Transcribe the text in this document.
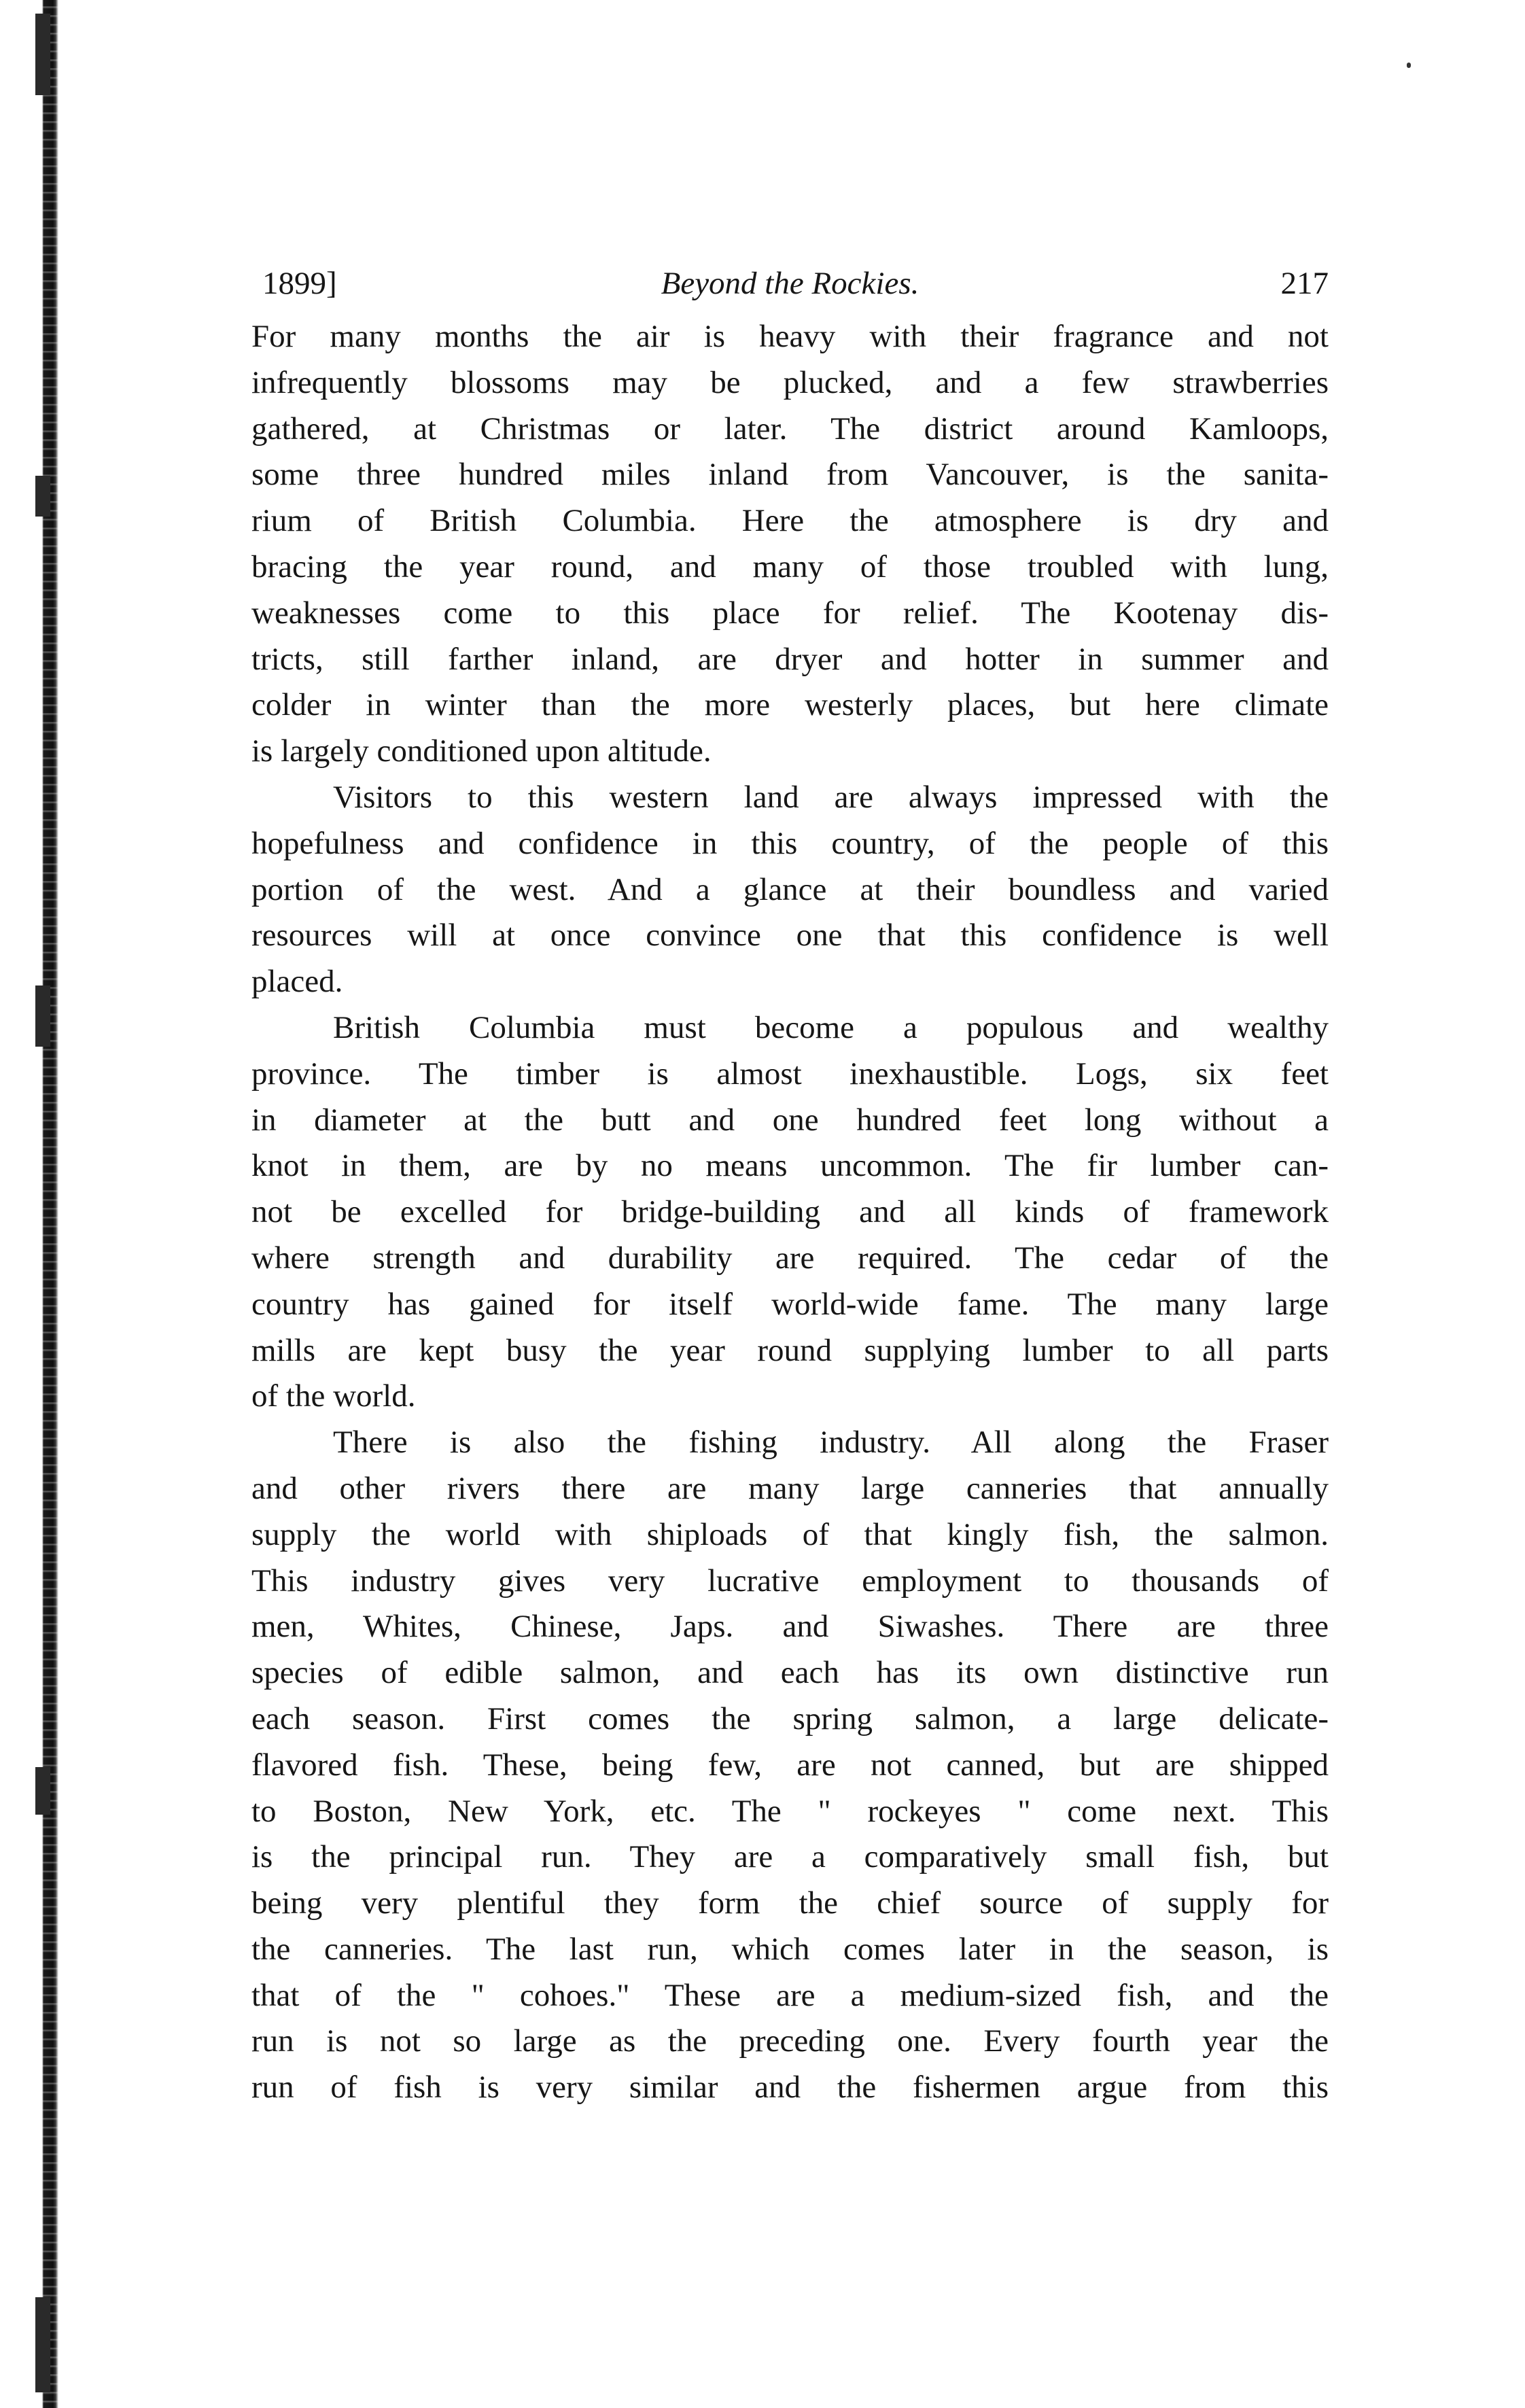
1899]	Beyond the Rockies.	217
For many months the air is heavy with their fragrance and not
infrequently blossoms may be plucked, and a few strawberries
gathered, at Christmas or later. The district around Kamloops,
some three hundred miles inland from Vancouver, is the sanita-
rium of British Columbia. Here the atmosphere is dry and
bracing the year round, and many of those troubled with lung,
weaknesses come to this place for relief. The Kootenay dis-
tricts, still farther inland, are dryer and hotter in summer and
colder in winter than the more westerly places, but here climate
is largely conditioned upon altitude.
Visitors to this western land are always impressed with the
hopefulness and confidence in this country, of the people of this
portion of the west. And a glance at their boundless and varied
resources will at once convince one that this confidence is well
placed.
British Columbia must become a populous and wealthy
province. The timber is almost inexhaustible. Logs, six feet
in diameter at the butt and one hundred feet long without a
knot in them, are by no means uncommon. The fir lumber can-
not be excelled for bridge-building and all kinds of framework
where strength and durability are required. The cedar of the
country has gained for itself world-wide fame. The many large
mills are kept busy the year round supplying lumber to all parts
of the world.
There is also the fishing industry. All along the Fraser
and other rivers there are many large canneries that annually
supply the world with shiploads of that kingly fish, the salmon.
This industry gives very lucrative employment to thousands of
men, Whites, Chinese, Japs. and Siwashes. There are three
species of edible salmon, and each has its own distinctive run
each season. First comes the spring salmon, a large delicate-
flavored fish. These, being few, are not canned, but are shipped
to Boston, New York, etc. The " rockeyes " come next. This
is the principal run. They are a comparatively small fish, but
being very plentiful they form the chief source of supply for
the canneries. The last run, which comes later in the season, is
that of the " cohoes." These are a medium-sized fish, and the
run is not so large as the preceding one. Every fourth year the
run of fish is very similar and the fishermen argue from this
